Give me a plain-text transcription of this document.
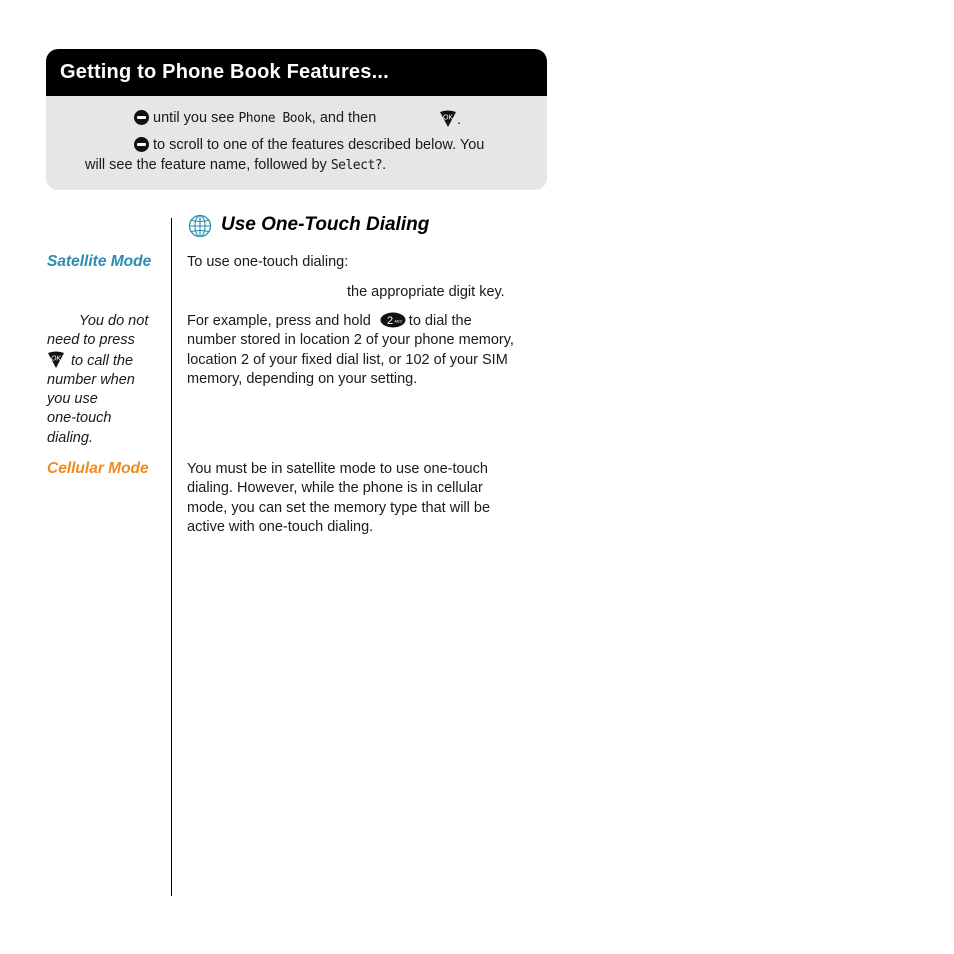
Getting to Phone Book Features...
until you see Phone Book, and then	OK .
to scroll to one of the features described below. You
will see the feature name, followed by Select?.
Use One-Touch Dialing
Satellite Mode
Cellular Mode
You do not
need to press
OK to call the
number when
you use
one-touch
dialing.
To use one-touch dialing:
the appropriate digit key.
For example, press and hold 2 ABC to dial the
number stored in location 2 of your phone memory,
location 2 of your fixed dial list, or 102 of your SIM
memory, depending on your setting.
You must be in satellite mode to use one-touch
dialing. However, while the phone is in cellular
mode, you can set the memory type that will be
active with one-touch dialing.
